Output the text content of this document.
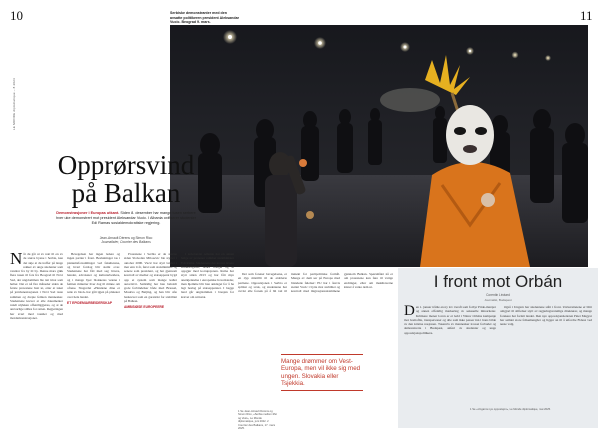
10	11
LE MONDE diplomatique – 8 2023
Serbiske demonstranter med den avsatte politikeren president Aleksandar Vucic. Beograd 9. mars.
Opprørsvind
på Balkan
Demonstrasjoner i Europas utkant. Siden 8. desember har mange tusen serbere hver uke demonstrert mot president Aleksandar Vucic. I Albania oxifiserer studenter Edi Ramas sosialdemokratiske regjering.
Jean-Arnault Dérens og Simon Rico
Journalister, Courrier des Balkans
N år du går ut av natt til en av de større byene i Serbia, kan det skje at du treffer på lange rekker av unge studenter som vandrer fra by til by. Denne mars gikk flere tusen til fots fra Beograd til Novi Sad, der ungdommen ble tatt imot som helter. Det er nå fire måneder siden de første protestene brøt ut, etter at taket på jernbanestasjonen i Novi Sad raste sammen og drepte femten mennesker. Studentene krever at alle dokumenter rundt ulykken offentliggjøres, og at de ansvarlige stilles for retten. Regjeringen har svart med taushet og med motdemonstrasjoner.

Bevegelsen har ingen ledere og ingen partier i front. Beslutninger tas i plenumsforsamlinger ved fakultetene, og hvert forslag blir stemt over. Studentene har fått med seg lærere, bønder, advokater og kulturarbeidere, og i mange byer blokkeres veiene i femten minutter hver dag til minne om ofrene. Slagordet «Hendene dine er røde av blod» har gått igjen på plakater over hele landet.

ET EPIDEMIARBEIDERSKAP

Protestene i Serbia er de største siden Slobodan Milosevic ble styrtet i oktober 2000. Vucic har styrt landet i mer enn ti år, først som statsminister og senere som president, og har gjennom kontroll av medier og statsapparat bygd opp et system som mange kaller autoritært. Samtidig har han beholdt gode forbindelser både med Brussel, Moskva og Beijing, og han blir ofte beskrevet som en garantist for stabilitet på Balkan.

AMBISIØSE EUROPEERE

I nabolandet Albania har en annen bølge av protester rammet statsminister Edi Rama. Studentene der krever lavere studieavgifter, bedre boliger og et oppgjør med korrupsjonen. Rama har styrt siden 2013 og har fått mye anerkjennelse i europeiske hovedsteder, men hjemme blir han anklaget for å ha lagt beslag på statsapparatet. I begge land går ungdommen i bresjen for kravet om rettsstat.

Det som forener bevegelsene, er en dyp mistillit til de etablerte partiene. Opposisjonen i Serbia er splittet og svak, og studentene har avvist alle forsøk på å bli tatt til inntekt for partipolitiske formål. Mange av dem ser på Europa med blandede følelser: EU har i årevis støttet Vucic i bytte mot stabilitet og kontroll med migrasjonsstrømmene gjennom Balkan. Spørsmålet nå er om protestene kan føre til varige endringer, eller om makthaverne klarer å vente dem ut.

Mange drømmer om Vest-Europa, men vil ikke sig med ungen. Slovakia eller Tsjekkia.
1 Se Jean-Arnault Dérens og Simon Rico, «Serbia mellom Øst og Vest», Le Monde diplomatique, juni 2022. 2 Courrier des Balkans, 17. mars 2025.
I front mot Orbán
Corentin Léotard
Journalist, Budapest
D en 1. januar trådte en ny lov i kraft som forbyr Pride-marsjer og annen offentlig markering av seksuelle minoriteter. Kritikere mener loven er et ledd i Viktor Orbáns kampanje mot homofile, transpersoner og alle som ikke passer inn i hans bilde av den kristne nasjonen. Tusenvis av mennesker trosset forbudet og demonstrerte i Budapest, anført av studenter og unge opposisjonspolitikere.

Også i Ungarn har studentene stått i front. Universitetene er blitt omgjort til stiftelser styrt av regjeringsvennlige direktører, og mange forskere har forlatt landet. Den nye opposisjonslederen Péter Magyar har samlet store folkemengder og ligger an til å utfordre Fidesz ved neste valg.

1 Se «Ungarns nye opposisjon», Le Monde diplomatique, mai 2025.
